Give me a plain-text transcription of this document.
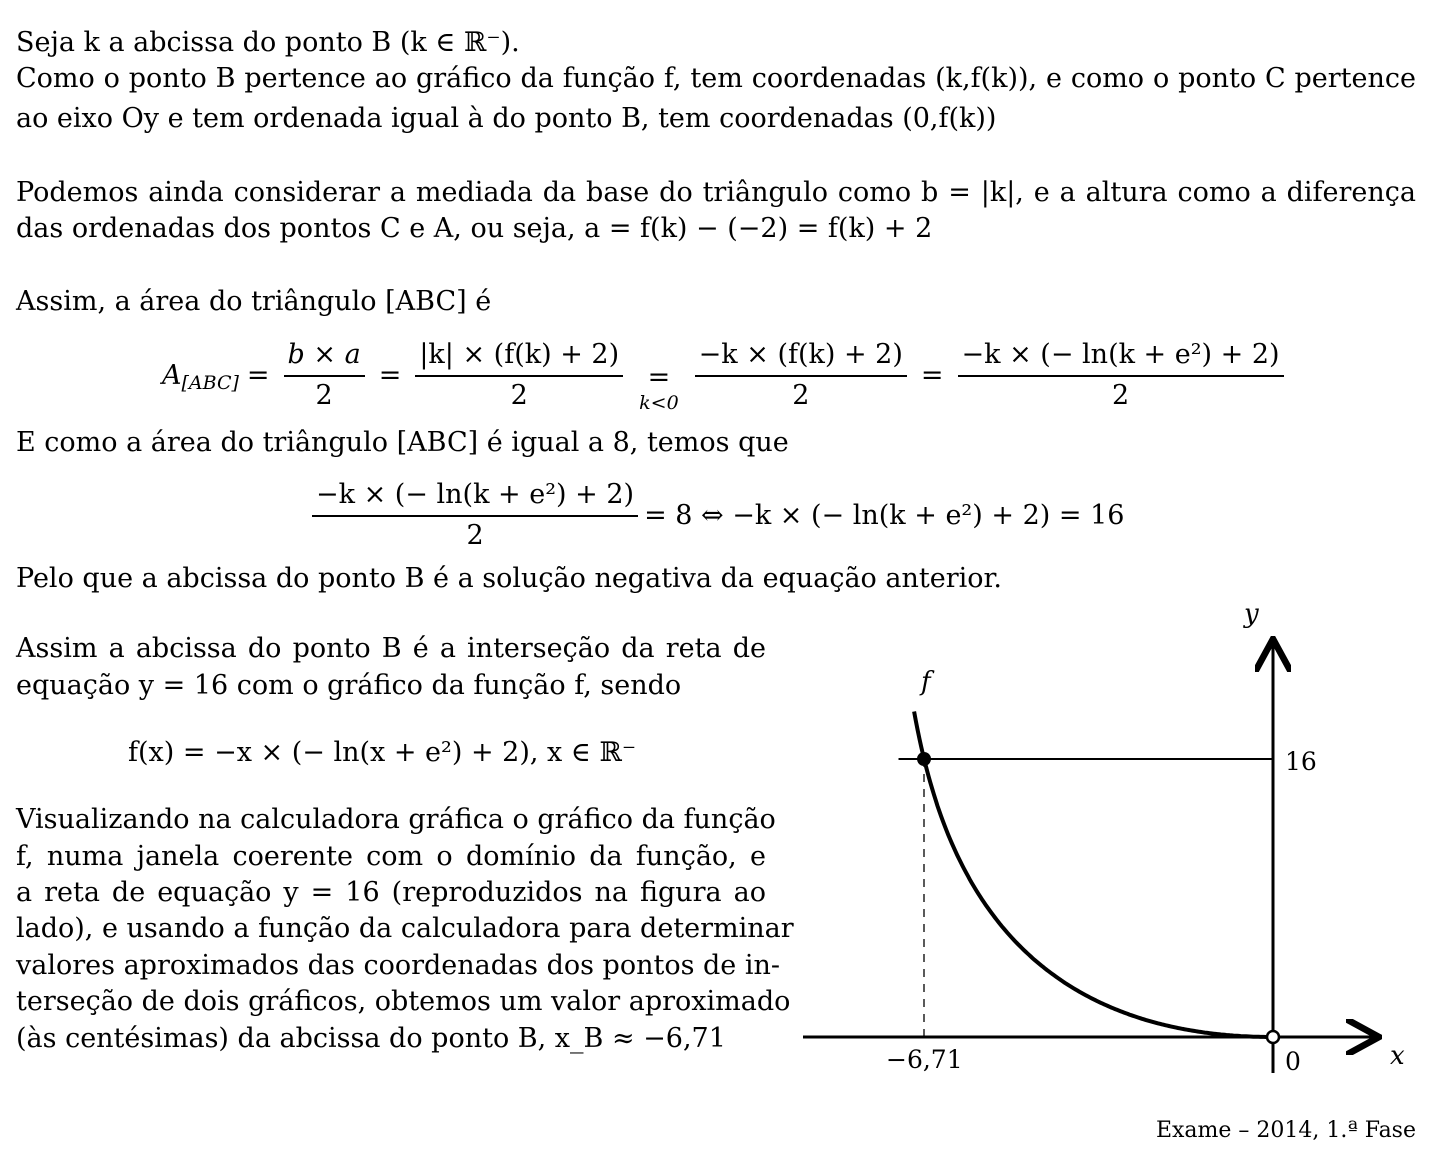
Seja k a abcissa do ponto B (k ∈ ℝ⁻).
Como o ponto B pertence ao gráfico da função f, tem coordenadas (k,f(k)), e como o ponto C pertence
ao eixo Oy e tem ordenada igual à do ponto B, tem coordenadas (0,f(k))
Podemos ainda considerar a mediada da base do triângulo como b = |k|, e a altura como a diferença
das ordenadas dos pontos C e A, ou seja, a = f(k) − (−2) = f(k) + 2
Assim, a área do triângulo [ABC] é
A $[ABC] = \frac{b \times a}{2} = \frac{|k| \times (f(k) + 2)}{2}$ =
$k<0 \frac{-k \times (f(k) + 2)}{2} = \frac{\text{−k × (− ln(k + e²) + 2)}}{2}$
E como a área do triângulo [ABC] é igual a 8, temos que
$\frac{\text{−k × (− ln(k + e²) + 2)}}{2} = 8$ ⇔ −k × (− ln(k + e²) + 2) = 16
Pelo que a abcissa do ponto B é a solução negativa da equação anterior.
Assim a abcissa do ponto B é a interseção da reta de
equação y = 16 com o gráfico da função f, sendo
f(x) = −x × (− ln(x + e²) + 2), x ∈ ℝ⁻
Visualizando na calculadora gráfica o gráfico da função
f, numa janela coerente com o domínio da função, e
a reta de equação y = 16 (reproduzidos na figura ao
lado), e usando a função da calculadora para determinar
valores aproximados das coordenadas dos pontos de in-
terseção de dois gráficos, obtemos um valor aproximado
(às centésimas) da abcissa do ponto B, x_B ≈ −6,71
y
x
f
16
−6,71	0
Exame – 2014, 1.ª Fase
